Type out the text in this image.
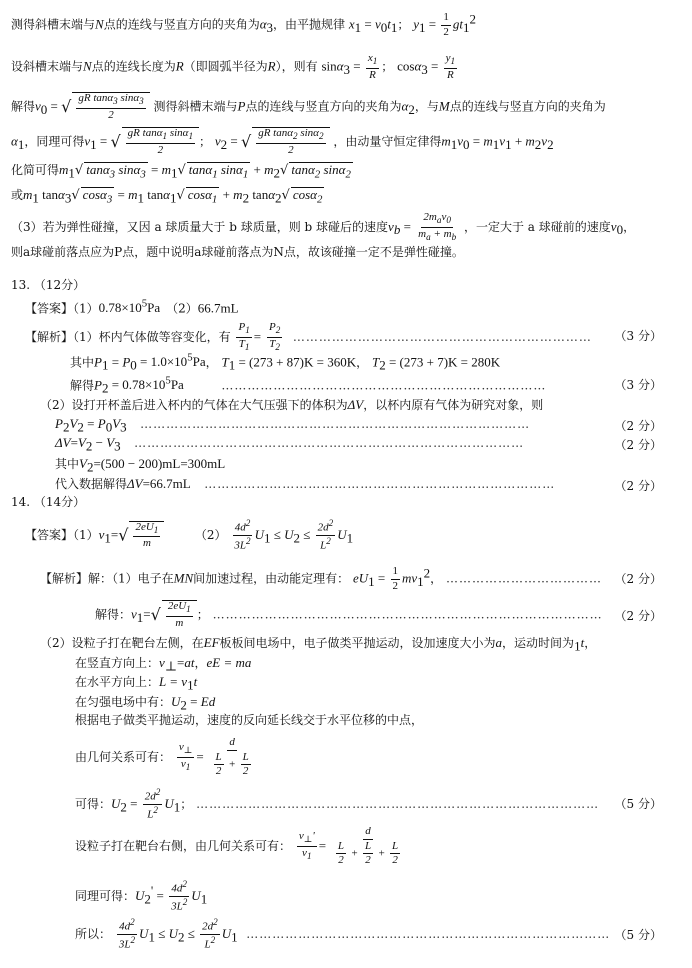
测得斜槽末端与N点的连线与竖直方向的夹角为$\alpha_3$，由平抛规律 $x_1 = v_0t_1$； $y_1 = \frac{1}{2} gt_1^2$
设斜槽末端与N点的连线长度为R（即圆弧半径为R），则有 $\sin\alpha_3 = \frac{x_1}{R}$ ； $\cos\alpha_3 = \frac{y_1}{R}$
解得$v_0$ = √ $\frac{gR \tan\alpha_3 \sin\alpha_3}{2}$ 测得斜槽末端与P点的连线与竖直方向的夹角为$\alpha_2$，与M点的连线与竖直方向的夹角为
$\alpha_1$，同理可得$v_1$ = √ $\frac{gR \tan\alpha_1 \sin\alpha_1}{2}$ ； $v_2$ = √ $\frac{gR \tan\alpha_2 \sin\alpha_2}{2}$ ，由动量守恒定律得$m_1v_0 = m_1v_1 + m_2v_2$
化简可得$m_1√$ tanα$_3$ $\sin\alpha_3 = m_1√$ tanα$_1$ $\sin\alpha_1 + m_2√$ tanα$_2$ sinα$_2$
或$m_1$ tanα$_3$√ $\cos\alpha_3 = m_1$ tanα$_1$√ $\cos\alpha_1 + m_2$ tanα$_2$√ cosα$_2$
（3）若为弹性碰撞，又因 a 球质量大于 b 球质量，则 b 球碰后的速度$v_b = \frac{2m_av_0}{m_a + m_b}$ ，一定大于 a 球碰前的速度$v_0$，
则a球碰前落点应为P点，题中说明a球碰前落点为N点，故该碰撞一定不是弹性碰撞。
13. （12分）
【答案】$(1)0.78\times 10^5Pa$　（2）66.7mL
【解析】（1）杯内气体做等容变化，有 $\frac{P_1}{T_1} = \frac{P_2}{T_2}$ …………………………………………………………… （3 分）
其中$P_1 = P_0 = 1.0\times 10^5Pa$， $T_1 = (273 + 87)K = 360K$， $T_2 = (273 + 7)K = 280K$
解得$P_2 = 0.78\times 10^5Pa$        …………………………………………………………………	（3 分）
（2）设打开杯盖后进入杯内的气体在大气压强下的体积为ΔV，以杯内原有气体为研究对象，则
$P_2V_2 = P_0V_3$   ………………………………………………………………………………	（2 分）
$\Delta V=V_2 - V_3$   ………………………………………………………………………………	（2 分）
其中$V_2=(500 - 200)mL=300mL$
代入数据解得ΔV=66.7mL   ………………………………………………………………………	（2 分）
14. （14分）
【答案】$(1)v_1=√ \frac{2eU_1}{m} (2) \frac{4d^2}{3L^2} U_1 \le U_2 \le \frac{2d^2}{L^2} U_1$
【解析】解：（1）电子在MN间加速过程，由动能定理有： $eU_1 = \frac{1}{2} mv_1^2$， ……………………………… （2 分）
解得：$v_1=√ \frac{2eU_1}{m}$ ； ……………………………………………………………………………… （2 分）
（2）设粒子打在靶台左侧，在EF板板间电场中，电子做类平抛运动，设加速度大小为a，运动时间为$_1$t，
在竖直方向上：$v_\perp=at$，eE = ma
在水平方向上：$L = v_1t$
在匀强电场中有：$U_2 = Ed$
根据电子做类平抛运动，速度的反向延长线交于水平位移的中点，
由几何关系可有： $\frac{v_\perp}{v_1} = \frac{d}{\frac{L}{2} + \frac{L}{2}}$
可得：$U_2 = \frac{2d^2}{L^2} U_1$； ………………………………………………………………………………… （5 分）
设粒子打在靶台右侧，由几何关系可有： $\frac{v_\perp'}{v_1} = \frac{d}{\frac{L}{2} + \frac{L}{2} + \frac{L}{2}}$
同理可得：$U_2' = \frac{4d^2}{3L^2} U_1$
所以： $\frac{4d^2}{3L^2} U_1 \le U_2 \le \frac{2d^2}{L^2} U_1$  ………………………………………………………………………… （5 分）
